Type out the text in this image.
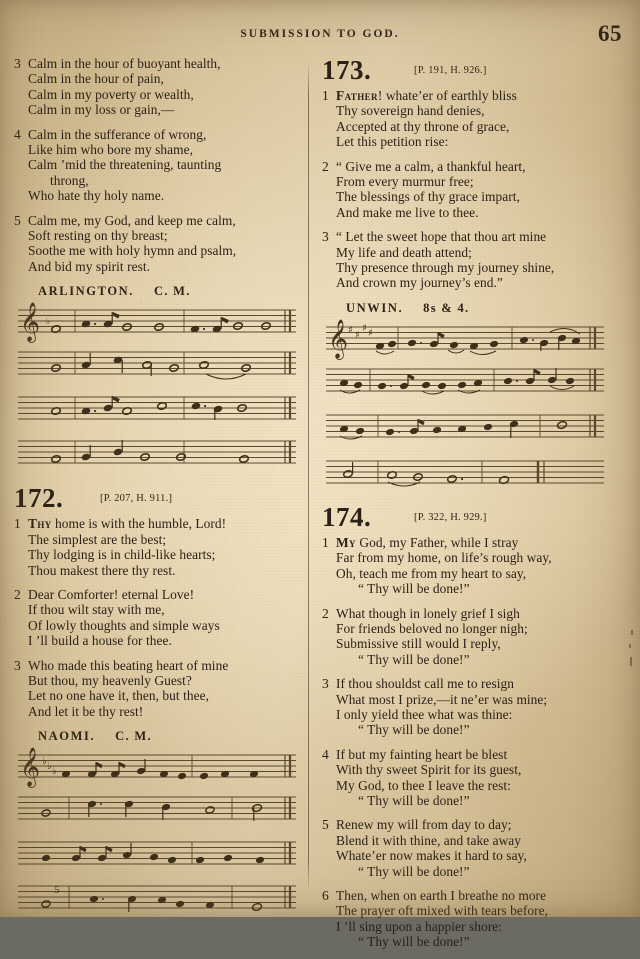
SUBMISSION TO GOD.	65
3 Calm in the hour of buoyant health,
Calm in the hour of pain,
Calm in my poverty or wealth,
Calm in my loss or gain,—
4 Calm in the sufferance of wrong,
Like him who bore my shame,
Calm ’mid the threatening, taunting
throng,
Who hate thy holy name.
5 Calm me, my God, and keep me calm,
Soft resting on thy breast;
Soothe me with holy hymn and psalm,
And bid my spirit rest.
ARLINGTON. C. M.
𝄞 ♭
172.	[P. 207, H. 911.]
1 Thy home is with the humble, Lord!
The simplest are the best;
Thy lodging is in child-like hearts;
Thou makest there thy rest.
2 Dear Comforter! eternal Love!
If thou wilt stay with me,
Of lowly thoughts and simple ways
I ’ll build a house for thee.
3 Who made this beating heart of mine
But thou, my heavenly Guest?
Let no one have it, then, but thee,
And let it be thy rest!
NAOMI. C. M.
𝄞 ♭ ♭ ♭
173.	[P. 191, H. 926.]
1 Father! whate’er of earthly bliss
Thy sovereign hand denies,
Accepted at thy throne of grace,
Let this petition rise:
2 “ Give me a calm, a thankful heart,
From every murmur free;
The blessings of thy grace impart,
And make me live to thee.
3 “ Let the sweet hope that thou art mine
My life and death attend;
Thy presence through my journey shine,
And crown my journey’s end.”
UNWIN. 8s & 4.
𝄞 ♯ ♯
♯ ♯
174.	[P. 322, H. 929.]
1 My God, my Father, while I stray
Far from my home, on life’s rough way,
Oh, teach me from my heart to say,
“ Thy will be done!”
2 What though in lonely grief I sigh
For friends beloved no longer nigh;
Submissive still would I reply,
“ Thy will be done!”
3 If thou shouldst call me to resign
What most I prize,—it ne’er was mine;
I only yield thee what was thine:
“ Thy will be done!”
4 If but my fainting heart be blest
With thy sweet Spirit for its guest,
My God, to thee I leave the rest:
“ Thy will be done!”
5 Renew my will from day to day;
Blend it with thine, and take away
Whate’er now makes it hard to say,
“ Thy will be done!”
6 Then, when on earth I breathe no more
The prayer oft mixed with tears before,
I ’ll sing upon a happier shore:
“ Thy will be done!”
5
